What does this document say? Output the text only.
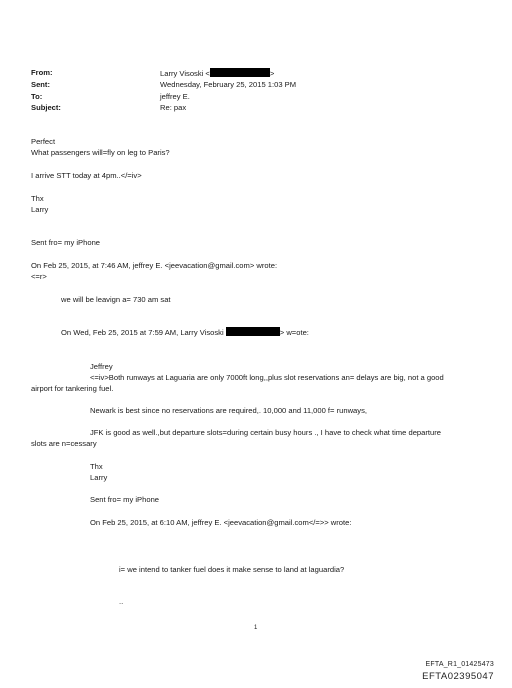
From:
Sent:
To:
Subject:
Larry Visoski <	>
Wednesday, February 25, 2015 1:03 PM
jeffrey E.
Re: pax
Perfect
What passengers will=fly on leg to Paris?
I arrive STT today at 4pm..</=iv>
Thx
Larry
Sent fro= my iPhone
On Feb 25, 2015, at 7:46 AM, jeffrey E. <jeevacation@gmail.com> wrote:
<=r>
we will be leavign a= 730 am sat
On Wed, Feb 25, 2015 at 7:59 AM, Larry Visoski	> w=ote:
Jeffrey
<=iv>Both runways at Laguaria are only 7000ft long,,plus slot reservations an= delays are big, not a good
airport for tankering fuel.
Newark is best since no reservations are required,. 10,000 and 11,000 f= runways,
JFK is good as well.,but departure slots=during certain busy hours ., I have to check what time departure
slots are n=cessary
Thx
Larry
Sent fro= my iPhone
On Feb 25, 2015, at 6:10 AM, jeffrey E. <jeevacation@gmail.com</=>> wrote:
i= we intend to tanker fuel does it make sense to land at laguardia?
..
1
EFTA_R1_01425473
EFTA02395047
